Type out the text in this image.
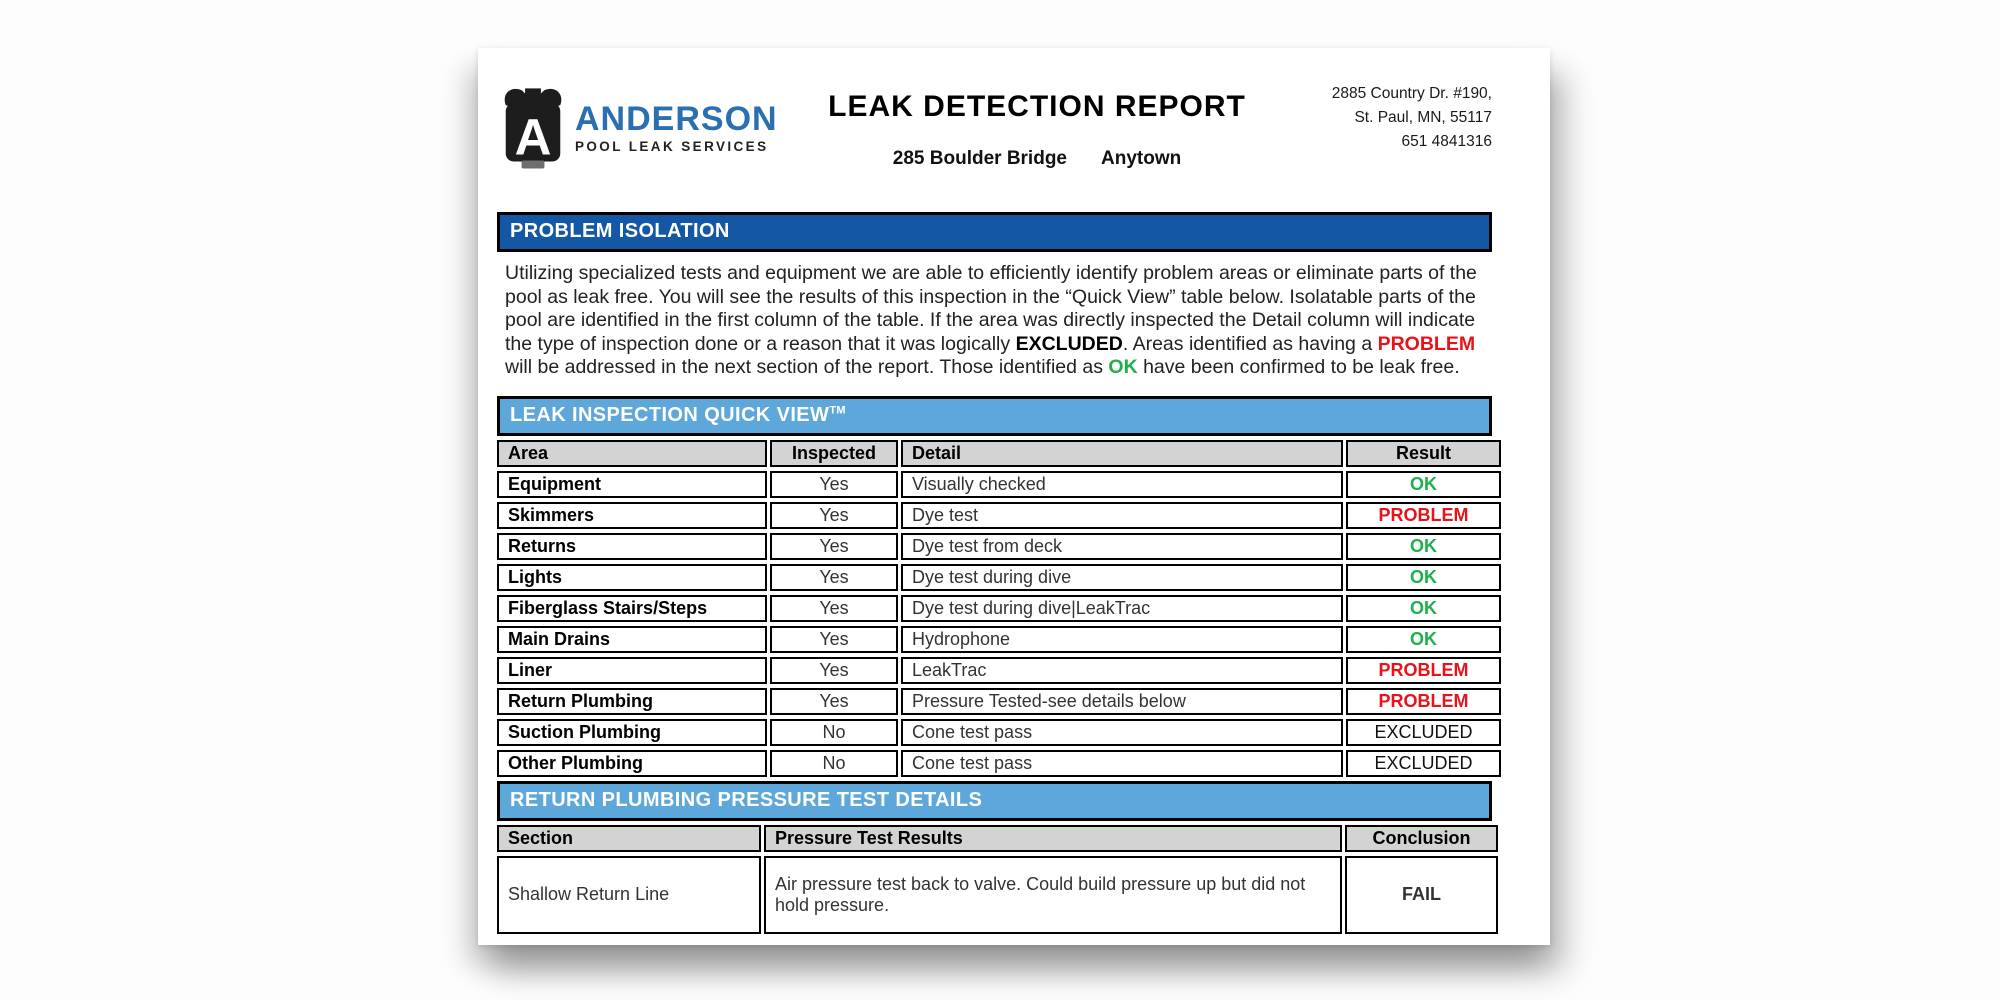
A ANDERSON
POOL LEAK SERVICES
LEAK DETECTION REPORT
285 Boulder Bridge Anytown
2885 Country Dr. #190,
St. Paul, MN, 55117
651 4841316
PROBLEM ISOLATION

Utilizing specialized tests and equipment we are able to efficiently identify problem areas or eliminate parts of the pool as leak free. You will see the results of this inspection in the “Quick View” table below. Isolatable parts of the pool are identified in the first column of the table. If the area was directly inspected the Detail column will indicate the type of inspection done or a reason that it was logically EXCLUDED. Areas identified as having a PROBLEM will be addressed in the next section of the report. Those identified as OK have been confirmed to be leak free.

LEAK INSPECTION QUICK VIEW™
Area	Inspected	Detail	Result
Equipment	Yes	Visually checked	OK
Skimmers	Yes	Dye test	PROBLEM
Returns	Yes	Dye test from deck	OK
Lights	Yes	Dye test during dive	OK
Fiberglass Stairs/Steps	Yes	Dye test during dive|LeakTrac	OK
Main Drains	Yes	Hydrophone	OK
Liner	Yes	LeakTrac	PROBLEM
Return Plumbing	Yes	Pressure Tested-see details below	PROBLEM
Suction Plumbing	No	Cone test pass	EXCLUDED
Other Plumbing	No	Cone test pass	EXCLUDED
RETURN PLUMBING PRESSURE TEST DETAILS
Section	Pressure Test Results	Conclusion
Shallow Return Line	Air pressure test back to valve. Could build pressure up but did not hold pressure.	FAIL
